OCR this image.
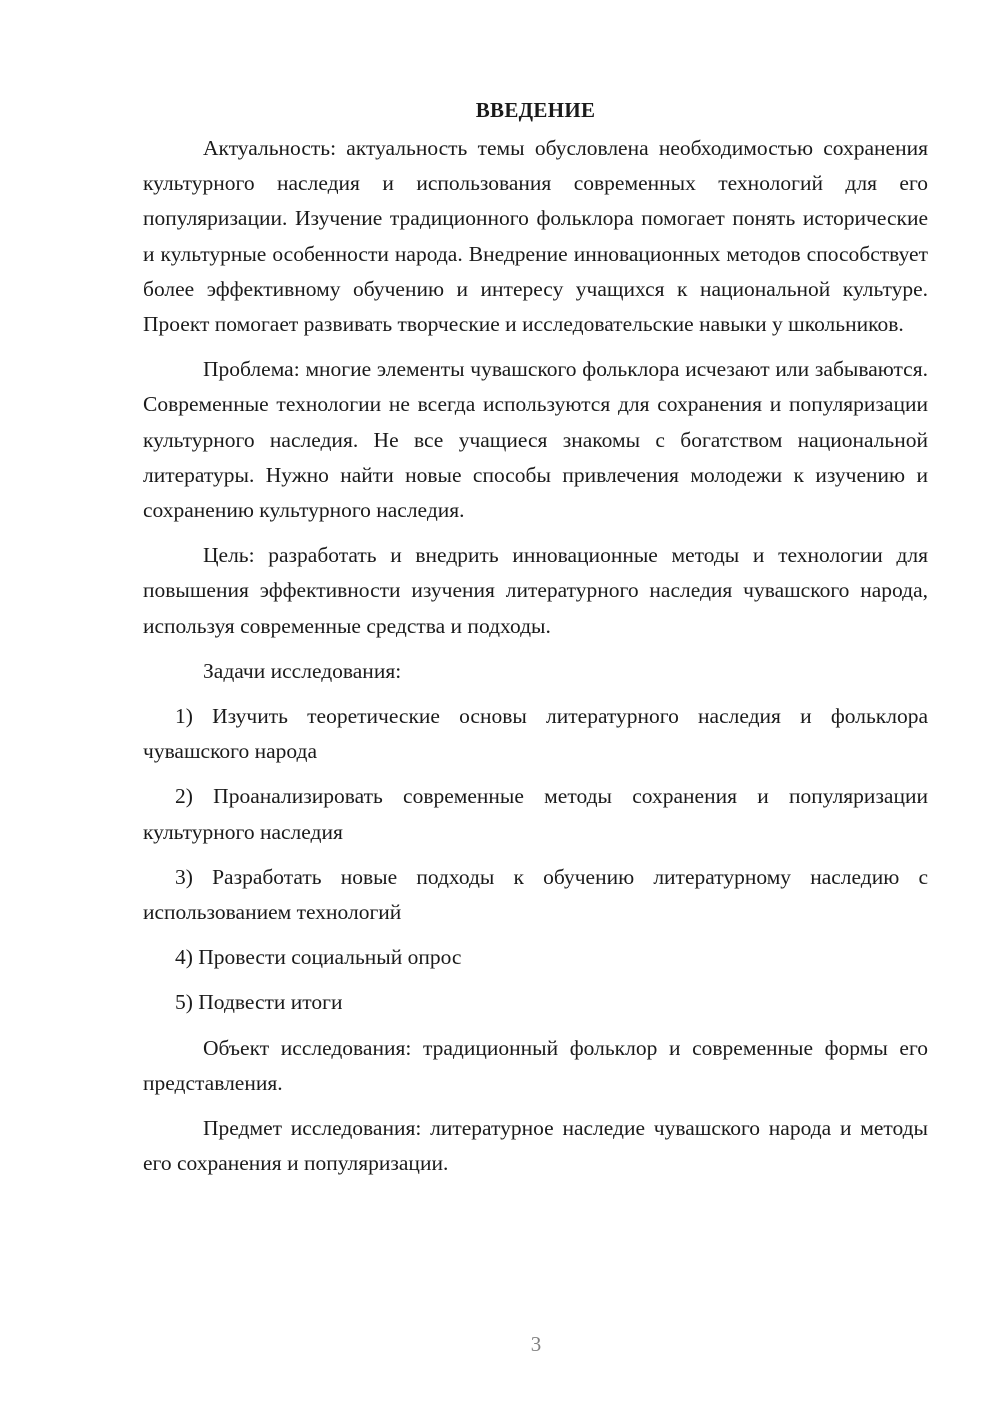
ВВЕДЕНИЕ

Актуальность: актуальность темы обусловлена необходимостью сохранения культурного наследия и использования современных технологий для его популяризации. Изучение традиционного фольклора помогает понять исторические и культурные особенности народа. Внедрение инновационных методов способствует более эффективному обучению и интересу учащихся к национальной культуре. Проект помогает развивать творческие и исследовательские навыки у школьников.

Проблема: многие элементы чувашского фольклора исчезают или забываются. Современные технологии не всегда используются для сохранения и популяризации культурного наследия. Не все учащиеся знакомы с богатством национальной литературы. Нужно найти новые способы привлечения молодежи к изучению и сохранению культурного наследия.

Цель: разработать и внедрить инновационные методы и технологии для повышения эффективности изучения литературного наследия чувашского народа, используя современные средства и подходы.

Задачи исследования:

1) Изучить теоретические основы литературного наследия и фольклора чувашского народа

2) Проанализировать современные методы сохранения и популяризации культурного наследия

3) Разработать новые подходы к обучению литературному наследию с использованием технологий

4) Провести социальный опрос

5) Подвести итоги

Объект исследования: традиционный фольклор и современные формы его представления.

Предмет исследования: литературное наследие чувашского народа и методы его сохранения и популяризации.

3
